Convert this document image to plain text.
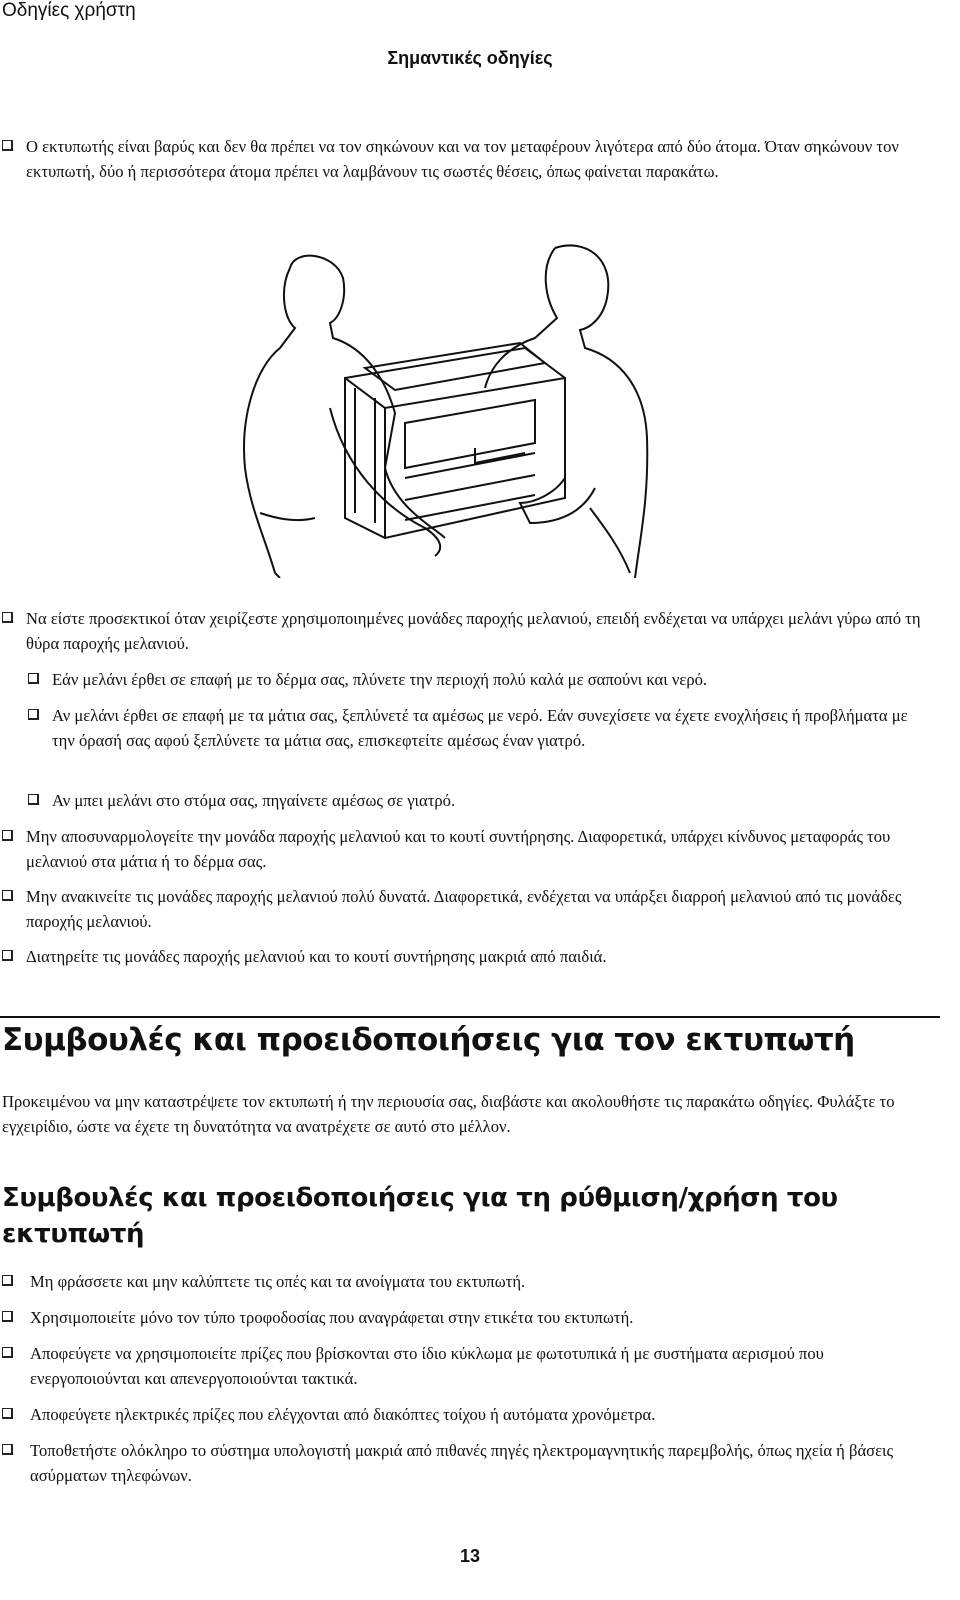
Οδηγίες χρήστη
Σημαντικές οδηγίες
Ο εκτυπωτής είναι βαρύς και δεν θα πρέπει να τον σηκώνουν και να τον μεταφέρουν λιγότερα από δύο άτομα. Όταν σηκώνουν τον εκτυπωτή, δύο ή περισσότερα άτομα πρέπει να λαμβάνουν τις σωστές θέσεις, όπως φαίνεται παρακάτω.
Να είστε προσεκτικοί όταν χειρίζεστε χρησιμοποιημένες μονάδες παροχής μελανιού, επειδή ενδέχεται να υπάρχει μελάνι γύρω από τη θύρα παροχής μελανιού.
Εάν μελάνι έρθει σε επαφή με το δέρμα σας, πλύνετε την περιοχή πολύ καλά με σαπούνι και νερό.
Αν μελάνι έρθει σε επαφή με τα μάτια σας, ξεπλύνετέ τα αμέσως με νερό. Εάν συνεχίσετε να έχετε ενοχλήσεις ή προβλήματα με την όρασή σας αφού ξεπλύνετε τα μάτια σας, επισκεφτείτε αμέσως έναν γιατρό.
Αν μπει μελάνι στο στόμα σας, πηγαίνετε αμέσως σε γιατρό.
Μην αποσυναρμολογείτε την μονάδα παροχής μελανιού και το κουτί συντήρησης. Διαφορετικά, υπάρχει κίνδυνος μεταφοράς του μελανιού στα μάτια ή το δέρμα σας.
Μην ανακινείτε τις μονάδες παροχής μελανιού πολύ δυνατά. Διαφορετικά, ενδέχεται να υπάρξει διαρροή μελανιού από τις μονάδες παροχής μελανιού.
Διατηρείτε τις μονάδες παροχής μελανιού και το κουτί συντήρησης μακριά από παιδιά.
Συμβουλές και προειδοποιήσεις για τον εκτυπωτή
Προκειμένου να μην καταστρέψετε τον εκτυπωτή ή την περιουσία σας, διαβάστε και ακολουθήστε τις παρακάτω οδηγίες. Φυλάξτε το εγχειρίδιο, ώστε να έχετε τη δυνατότητα να ανατρέχετε σε αυτό στο μέλλον.
Συμβουλές και προειδοποιήσεις για τη ρύθμιση/χρήση του εκτυπωτή
Μη φράσσετε και μην καλύπτετε τις οπές και τα ανοίγματα του εκτυπωτή.
Χρησιμοποιείτε μόνο τον τύπο τροφοδοσίας που αναγράφεται στην ετικέτα του εκτυπωτή.
Αποφεύγετε να χρησιμοποιείτε πρίζες που βρίσκονται στο ίδιο κύκλωμα με φωτοτυπικά ή με συστήματα αερισμού που ενεργοποιούνται και απενεργοποιούνται τακτικά.
Αποφεύγετε ηλεκτρικές πρίζες που ελέγχονται από διακόπτες τοίχου ή αυτόματα χρονόμετρα.
Τοποθετήστε ολόκληρο το σύστημα υπολογιστή μακριά από πιθανές πηγές ηλεκτρομαγνητικής παρεμβολής, όπως ηχεία ή βάσεις ασύρματων τηλεφώνων.
13
